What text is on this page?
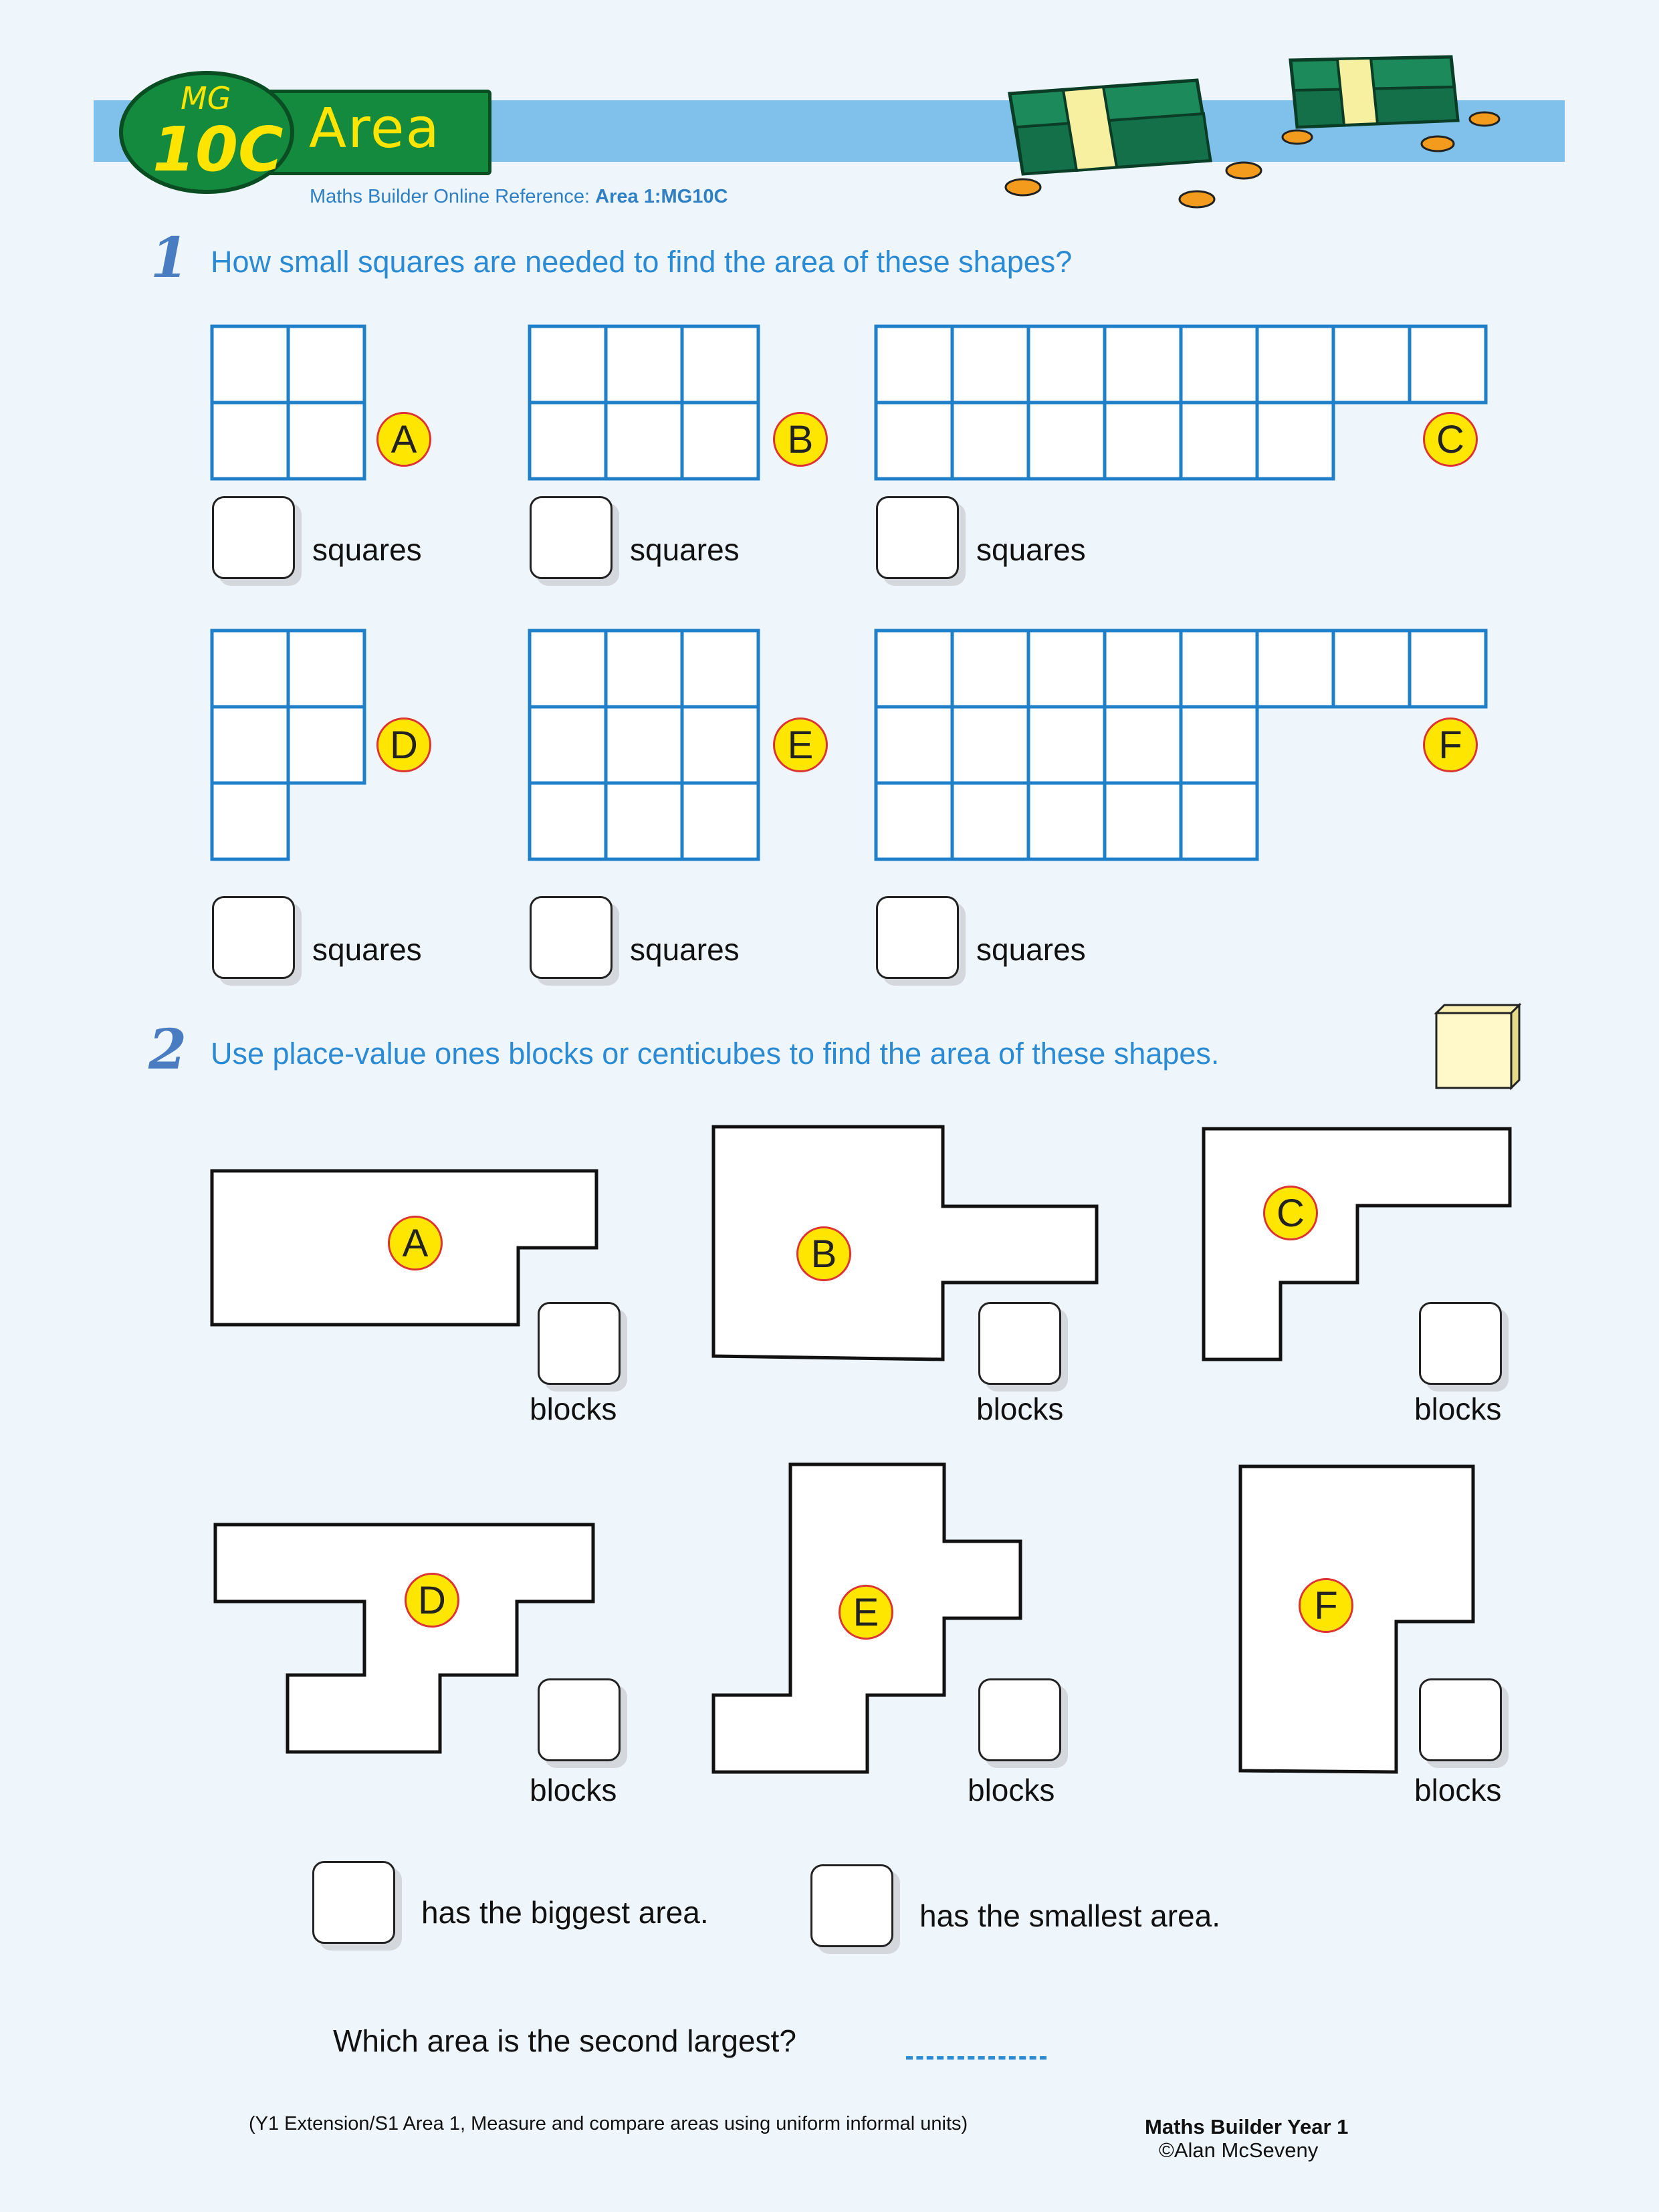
Area
MG
10C
Maths Builder Online Reference: Area 1:MG10C
1 How small squares are needed to find the area of these shapes?
A	B	C
D	E	F
squares	squares	squares
squares	squares	squares
2 Use place-value ones blocks or centicubes to find the area of these shapes.
A	B
C
D	E	F
blocks	blocks	blocks
blocks	blocks	blocks
has the biggest area.	has the smallest area.
Which area is the second largest?
(Y1 Extension/S1 Area 1, Measure and compare areas using uniform informal units)	Maths Builder Year 1
©Alan McSeveny
